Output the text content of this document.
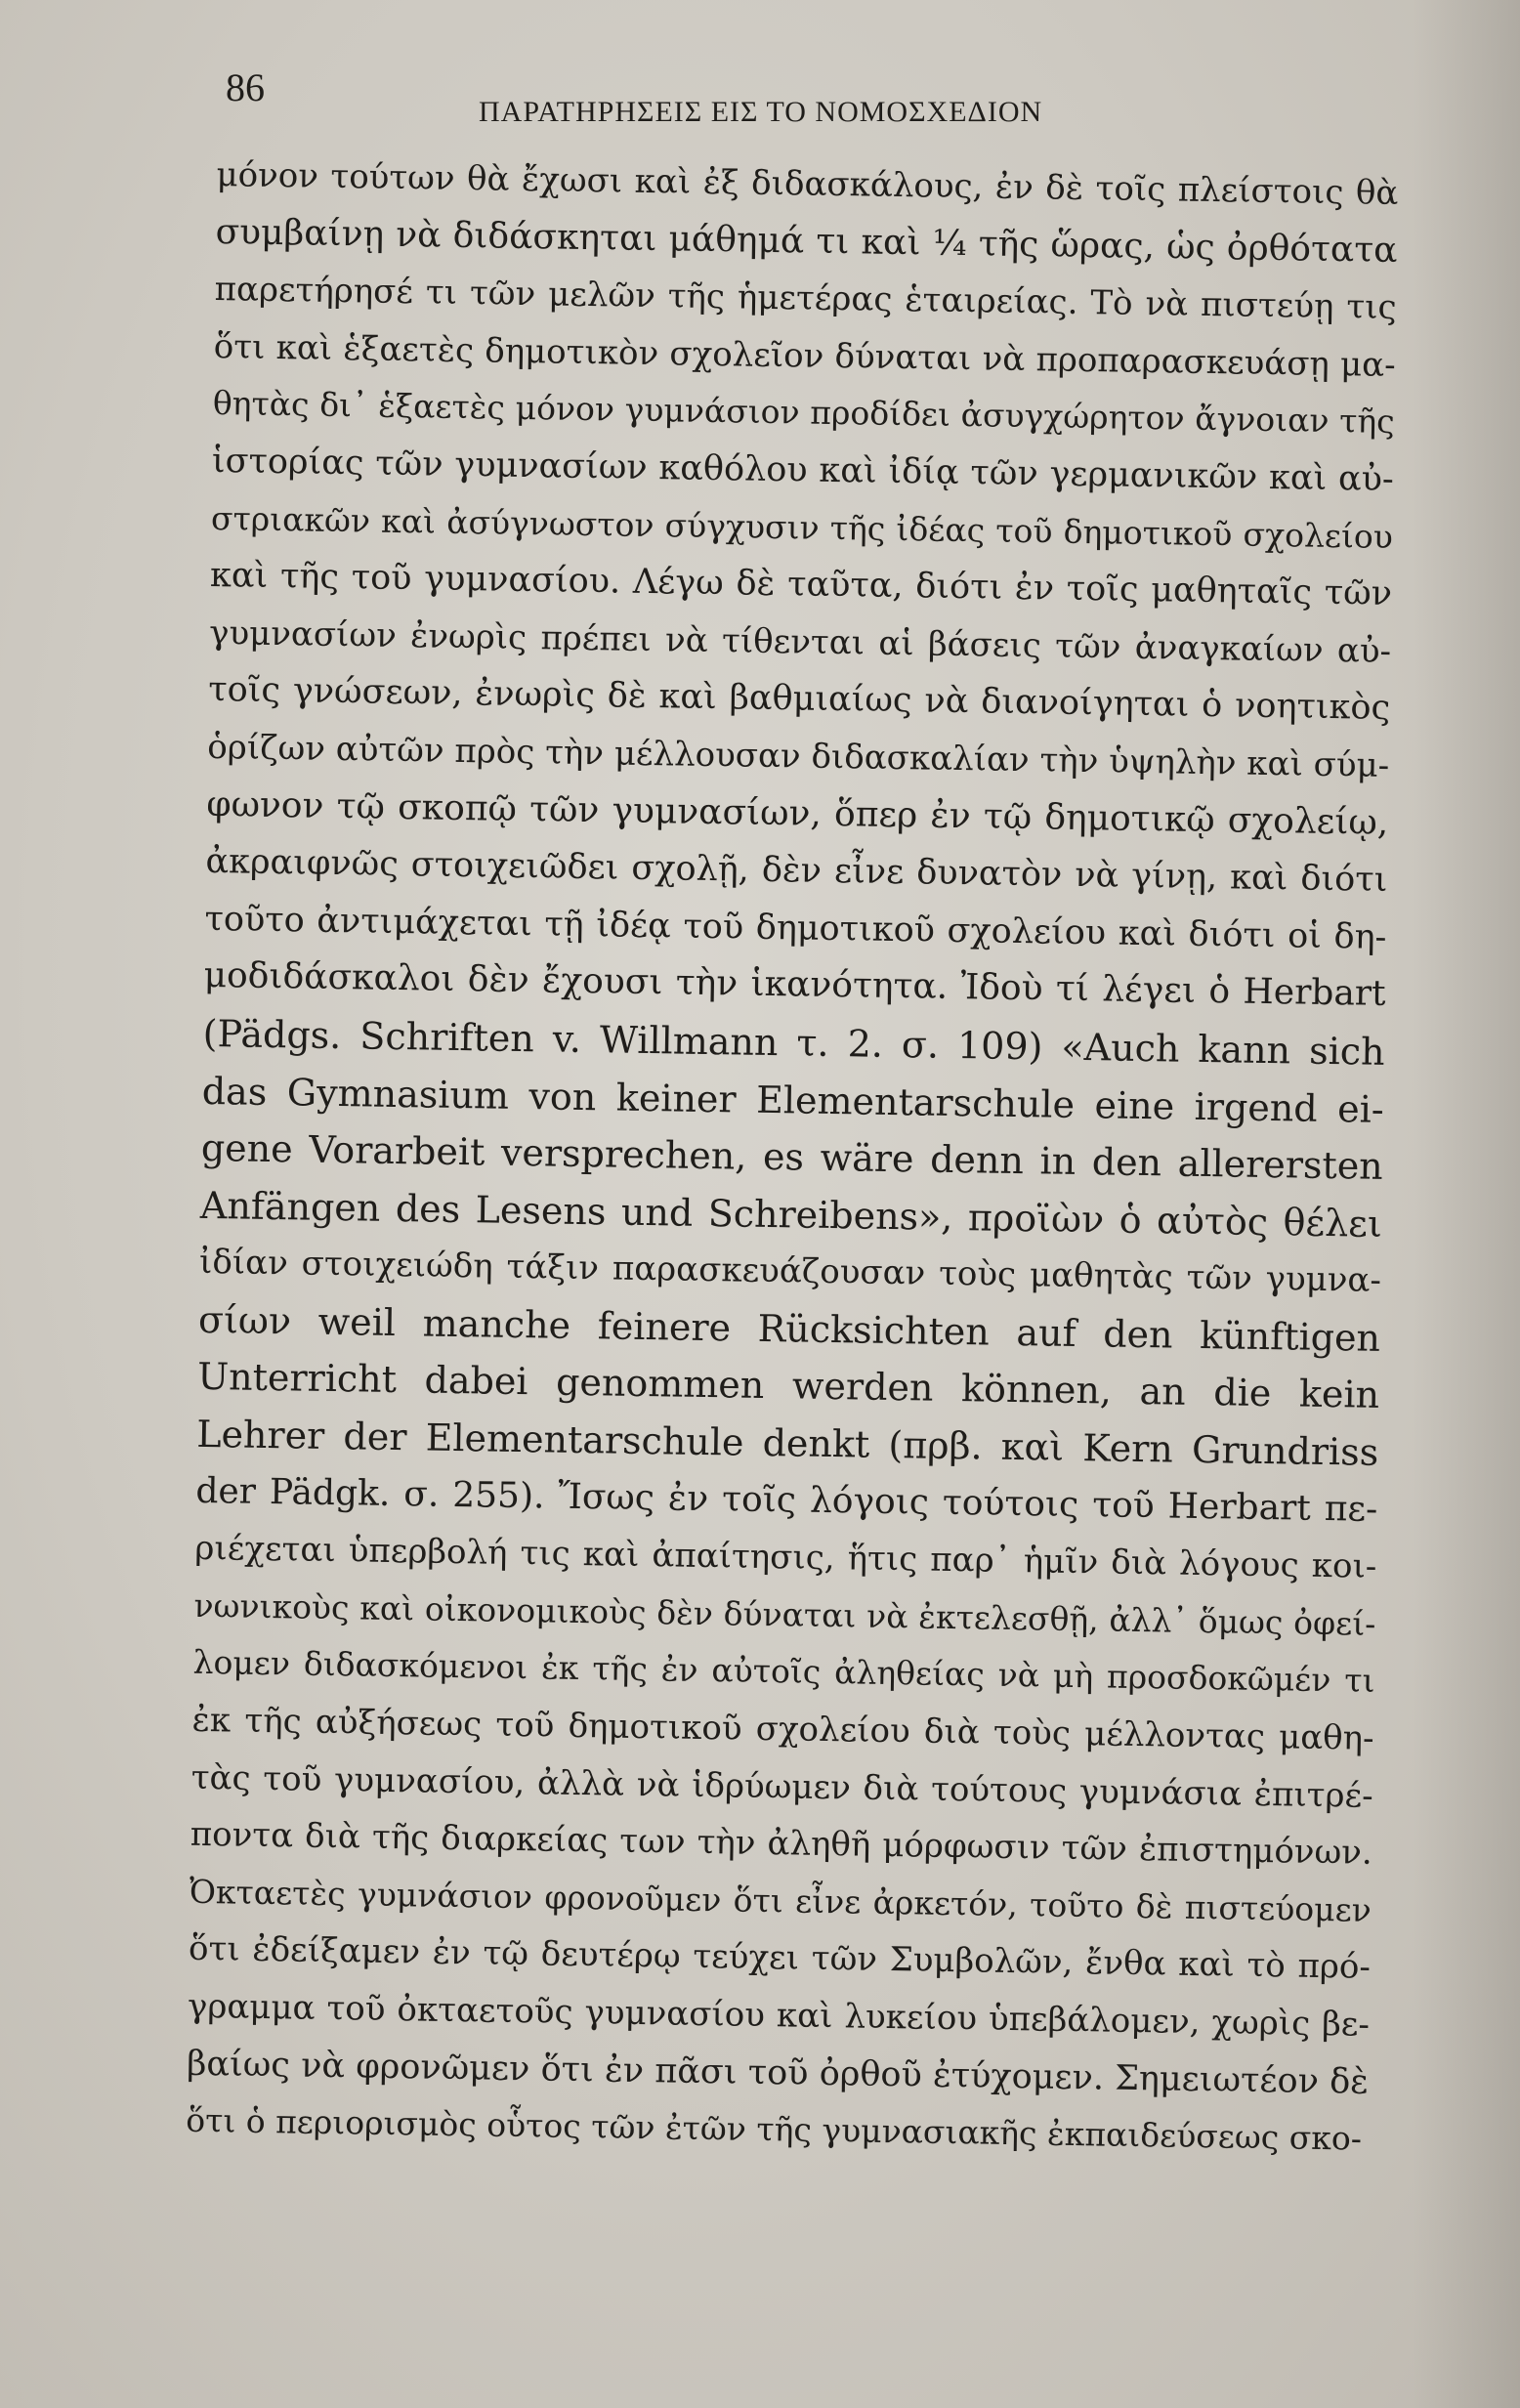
86
ΠΑΡΑΤΗΡΗΣΕΙΣ ΕΙΣ ΤΟ ΝΟΜΟΣΧΕΔΙΟΝ
μόνον τούτων θὰ ἔχωσι καὶ ἐξ διδασκάλους, ἐν δὲ τοῖς πλείστοις θὰ
συμβαίνῃ νὰ διδάσκηται μάθημά τι καὶ ¼ τῆς ὥρας, ὡς ὀρθότατα
παρετήρησέ τι τῶν μελῶν τῆς ἡμετέρας ἑταιρείας. Τὸ νὰ πιστεύῃ τις
ὅτι καὶ ἑξαετὲς δημοτικὸν σχολεῖον δύναται νὰ προπαρασκευάσῃ μα-
θητὰς δι᾽ ἑξαετὲς μόνον γυμνάσιον προδίδει ἀσυγχώρητον ἄγνοιαν τῆς
ἱστορίας τῶν γυμνασίων καθόλου καὶ ἰδίᾳ τῶν γερμανικῶν καὶ αὐ-
στριακῶν καὶ ἀσύγνωστον σύγχυσιν τῆς ἰδέας τοῦ δημοτικοῦ σχολείου
καὶ τῆς τοῦ γυμνασίου. Λέγω δὲ ταῦτα, διότι ἐν τοῖς μαθηταῖς τῶν
γυμνασίων ἐνωρὶς πρέπει νὰ τίθενται αἱ βάσεις τῶν ἀναγκαίων αὐ-
τοῖς γνώσεων, ἐνωρὶς δὲ καὶ βαθμιαίως νὰ διανοίγηται ὁ νοητικὸς
ὁρίζων αὐτῶν πρὸς τὴν μέλλουσαν διδασκαλίαν τὴν ὑψηλὴν καὶ σύμ-
φωνον τῷ σκοπῷ τῶν γυμνασίων, ὅπερ ἐν τῷ δημοτικῷ σχολείῳ,
ἀκραιφνῶς στοιχειῶδει σχολῇ, δὲν εἶνε δυνατὸν νὰ γίνῃ, καὶ διότι
τοῦτο ἀντιμάχεται τῇ ἰδέᾳ τοῦ δημοτικοῦ σχολείου καὶ διότι οἱ δη-
μοδιδάσκαλοι δὲν ἔχουσι τὴν ἱκανότητα. Ἰδοὺ τί λέγει ὁ Herbart
(Pädgs. Schriften v. Willmann τ. 2. σ. 109) «Auch kann sich
das Gymnasium von keiner Elementarschule eine irgend ei-
gene Vorarbeit versprechen, es wäre denn in den allerersten
Anfängen des Lesens und Schreibens», προϊὼν ὁ αὐτὸς θέλει
ἰδίαν στοιχειώδη τάξιν παρασκευάζουσαν τοὺς μαθητὰς τῶν γυμνα-
σίων weil manche feinere Rücksichten auf den künftigen
Unterricht dabei genommen werden können, an die kein
Lehrer der Elementarschule denkt (πρβ. καὶ Kern Grundriss
der Pädgk. σ. 255). Ἴσως ἐν τοῖς λόγοις τούτοις τοῦ Herbart πε-
ριέχεται ὑπερβολή τις καὶ ἀπαίτησις, ἥτις παρ᾽ ἡμῖν διὰ λόγους κοι-
νωνικοὺς καὶ οἰκονομικοὺς δὲν δύναται νὰ ἐκτελεσθῇ, ἀλλ᾽ ὅμως ὀφεί-
λομεν διδασκόμενοι ἐκ τῆς ἐν αὐτοῖς ἀληθείας νὰ μὴ προσδοκῶμέν τι
ἐκ τῆς αὐξήσεως τοῦ δημοτικοῦ σχολείου διὰ τοὺς μέλλοντας μαθη-
τὰς τοῦ γυμνασίου, ἀλλὰ νὰ ἱδρύωμεν διὰ τούτους γυμνάσια ἐπιτρέ-
ποντα διὰ τῆς διαρκείας των τὴν ἀληθῆ μόρφωσιν τῶν ἐπιστημόνων.
Ὀκταετὲς γυμνάσιον φρονοῦμεν ὅτι εἶνε ἀρκετόν, τοῦτο δὲ πιστεύομεν
ὅτι ἐδείξαμεν ἐν τῷ δευτέρῳ τεύχει τῶν Συμβολῶν, ἔνθα καὶ τὸ πρό-
γραμμα τοῦ ὀκταετοῦς γυμνασίου καὶ λυκείου ὑπεβάλομεν, χωρὶς βε-
βαίως νὰ φρονῶμεν ὅτι ἐν πᾶσι τοῦ ὀρθοῦ ἐτύχομεν. Σημειωτέον δὲ
ὅτι ὁ περιορισμὸς οὗτος τῶν ἐτῶν τῆς γυμνασιακῆς ἐκπαιδεύσεως σκο-
